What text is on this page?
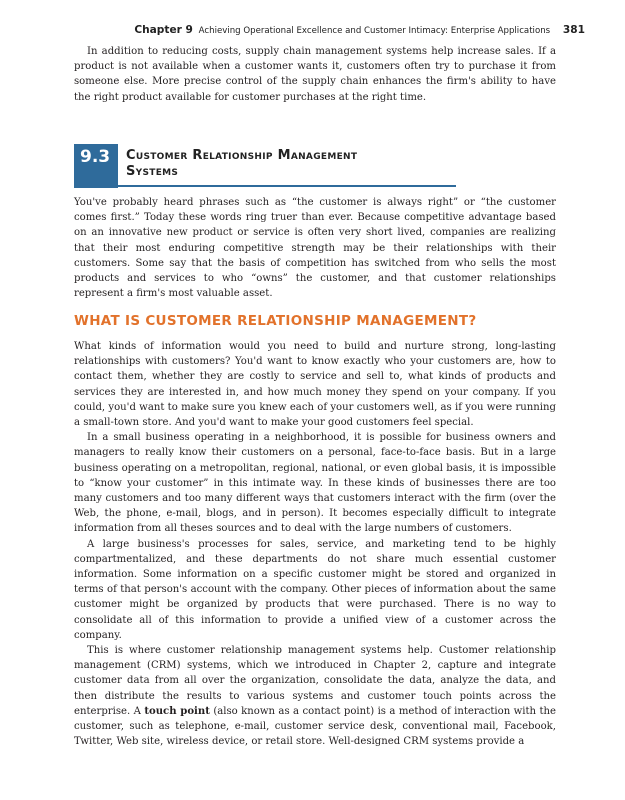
Chapter 9 Achieving Operational Excellence and Customer Intimacy: Enterprise Applications 381

In addition to reducing costs, supply chain management systems help increase sales. If a product is not available when a customer wants it, customers often try to purchase it from someone else. More precise control of the supply chain enhances the firm's ability to have the right product available for customer purchases at the right time.

9.3	Customer Relationship Management
Systems

You've probably heard phrases such as “the customer is always right” or “the customer comes first.” Today these words ring truer than ever. Because competitive advantage based on an innovative new product or service is often very short lived, companies are realizing that their most enduring competitive strength may be their relationships with their customers. Some say that the basis of competition has switched from who sells the most products and services to who “owns” the customer, and that customer relationships represent a firm's most valuable asset.

WHAT IS CUSTOMER RELATIONSHIP MANAGEMENT?

What kinds of information would you need to build and nurture strong, long-lasting relationships with customers? You'd want to know exactly who your customers are, how to contact them, whether they are costly to service and sell to, what kinds of products and services they are interested in, and how much money they spend on your company. If you could, you'd want to make sure you knew each of your customers well, as if you were running a small-town store. And you'd want to make your good customers feel special.

In a small business operating in a neighborhood, it is possible for business owners and managers to really know their customers on a personal, face-to-face basis. But in a large business operating on a metropolitan, regional, national, or even global basis, it is impossible to “know your customer” in this intimate way. In these kinds of businesses there are too many customers and too many different ways that customers interact with the firm (over the Web, the phone, e-mail, blogs, and in person). It becomes especially difficult to integrate information from all theses sources and to deal with the large numbers of customers.

A large business's processes for sales, service, and marketing tend to be highly compartmentalized, and these departments do not share much essential customer information. Some information on a specific customer might be stored and organized in terms of that person's account with the company. Other pieces of information about the same customer might be organized by products that were purchased. There is no way to consolidate all of this information to provide a unified view of a customer across the company.

This is where customer relationship management systems help. Customer relationship management (CRM) systems, which we introduced in Chapter 2, capture and integrate customer data from all over the organization, consolidate the data, analyze the data, and then distribute the results to various systems and customer touch points across the enterprise. A touch point (also known as a contact point) is a method of interaction with the customer, such as telephone, e-mail, customer service desk, conventional mail, Facebook, Twitter, Web site, wireless device, or retail store. Well-designed CRM systems provide a
